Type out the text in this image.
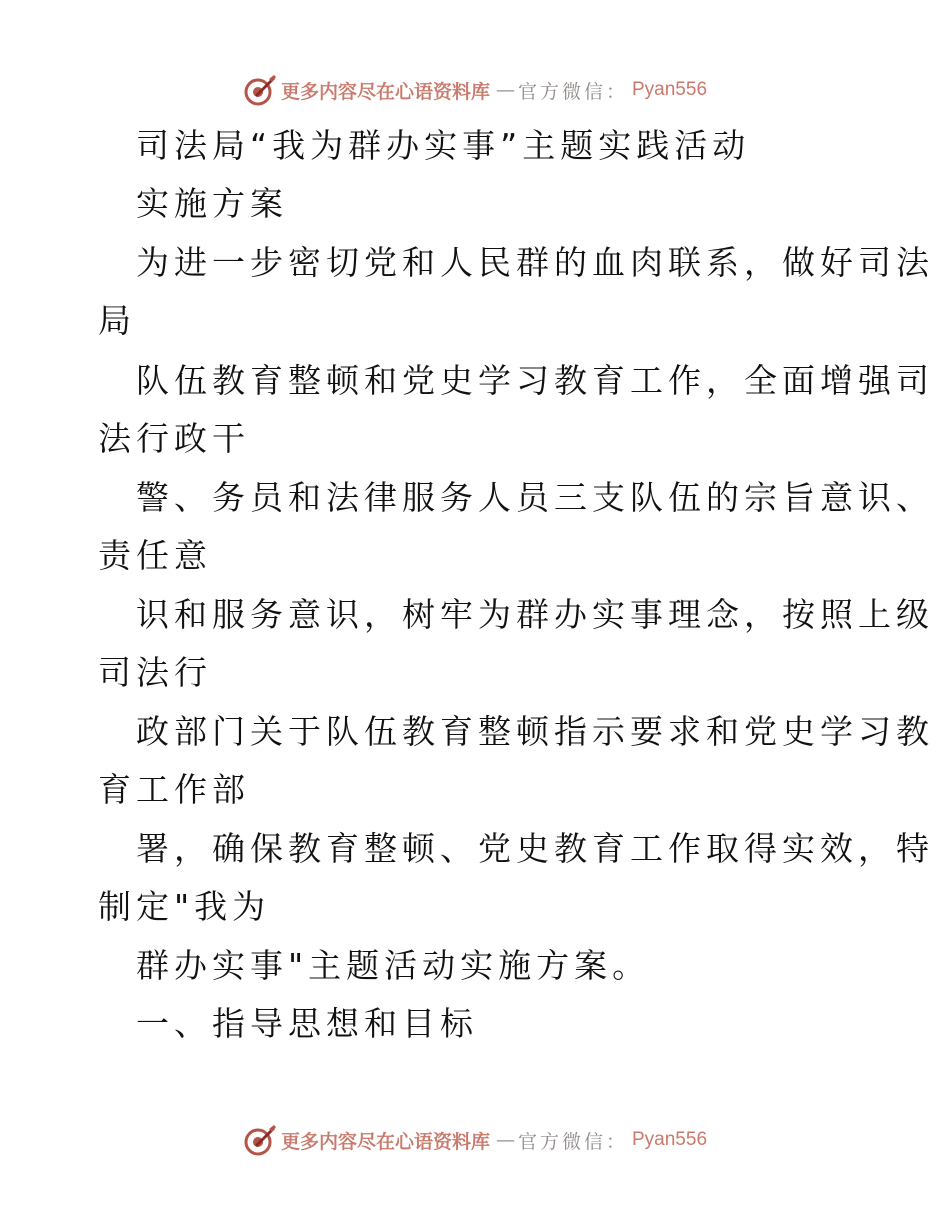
更多内容尽在心语资料库 — 官方微信： Pyan556
司法局“我为群办实事”主题实践活动
实施方案
为进一步密切党和人民群的血肉联系，做好司法
局
队伍教育整顿和党史学习教育工作，全面增强司
法行政干
警、务员和法律服务人员三支队伍的宗旨意识、
责任意
识和服务意识，树牢为群办实事理念，按照上级
司法行
政部门关于队伍教育整顿指示要求和党史学习教
育工作部
署，确保教育整顿、党史教育工作取得实效，特
制定"我为
群办实事"主题活动实施方案。
一、指导思想和目标
更多内容尽在心语资料库 — 官方微信： Pyan556
